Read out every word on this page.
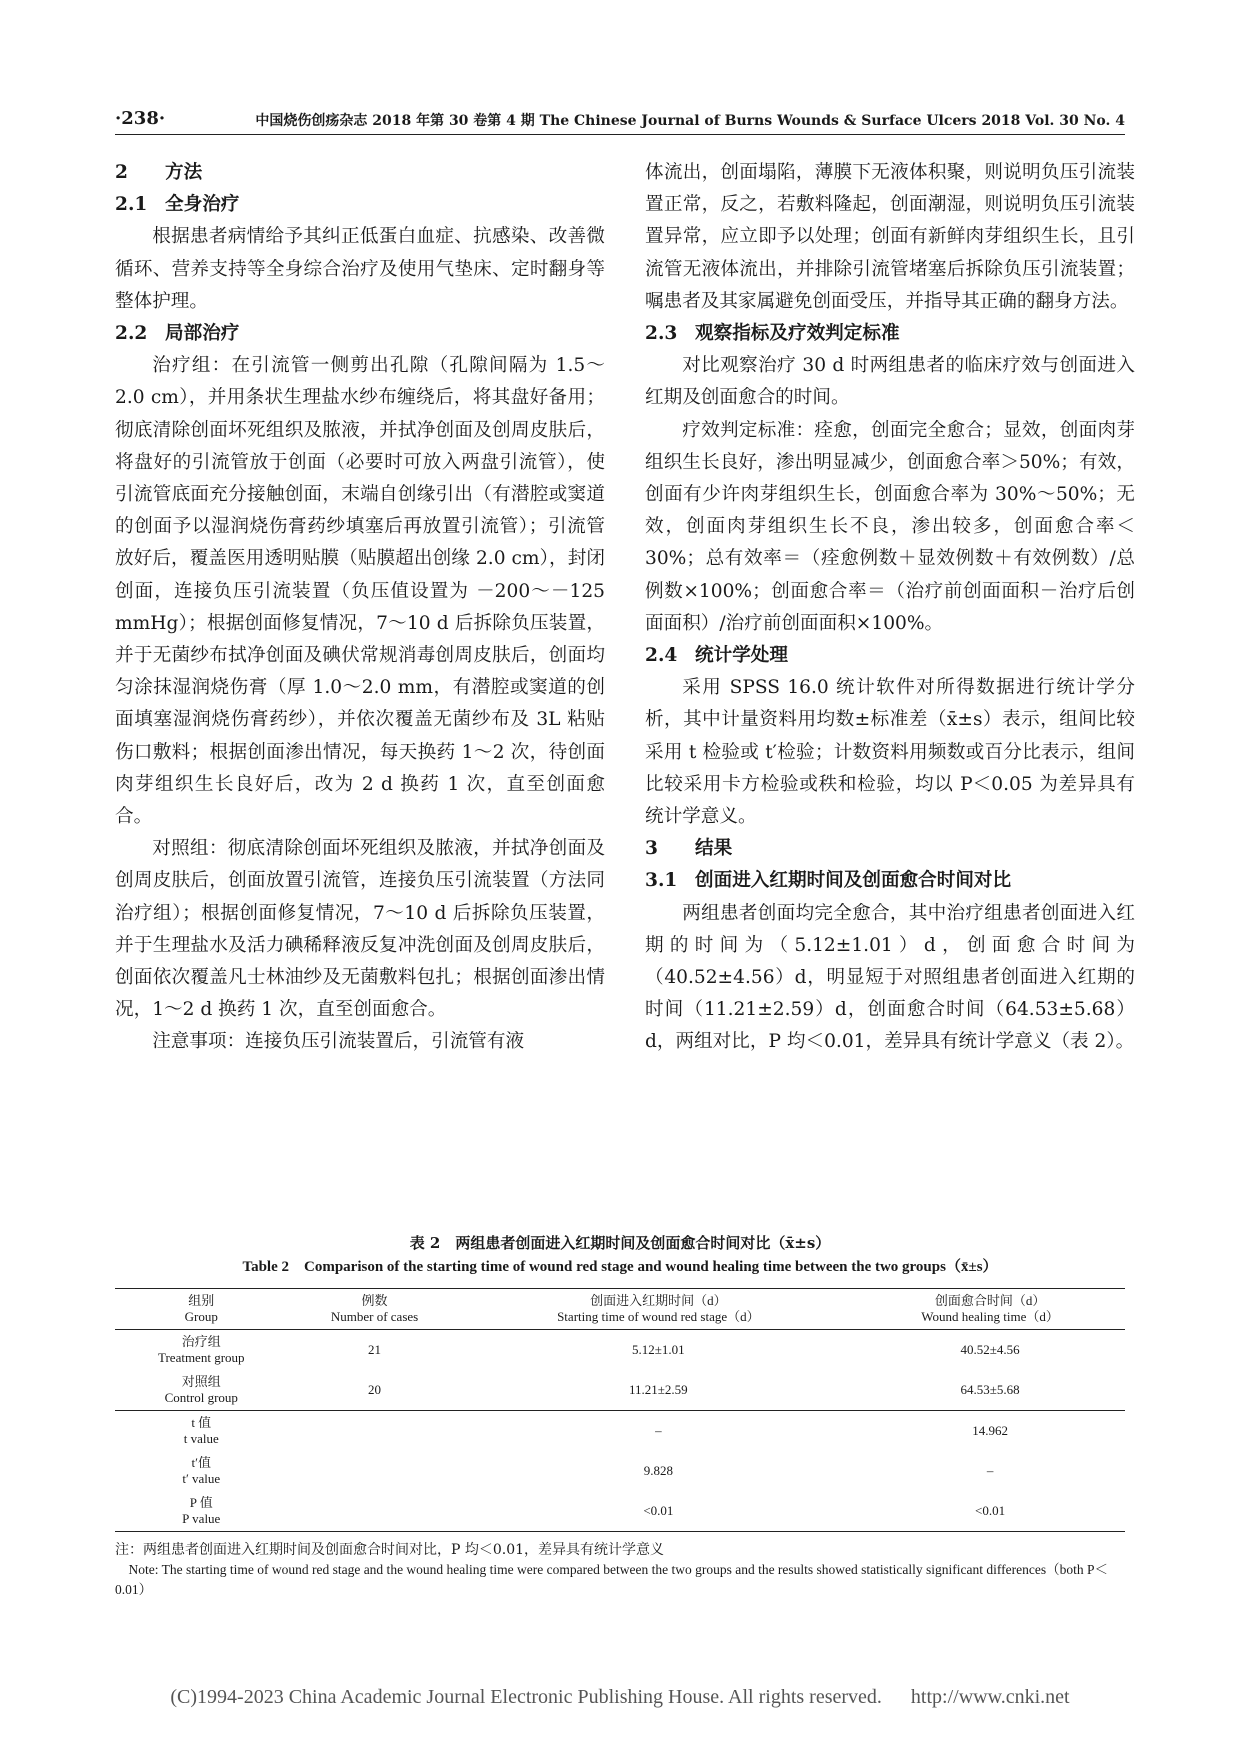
·238·	中国烧伤创疡杂志 2018 年第 30 卷第 4 期 The Chinese Journal of Burns Wounds & Surface Ulcers 2018 Vol. 30 No. 4

2 方法

2.1 全身治疗

根据患者病情给予其纠正低蛋白血症、抗感染、改善微循环、营养支持等全身综合治疗及使用气垫床、定时翻身等整体护理。

2.2 局部治疗

治疗组：在引流管一侧剪出孔隙（孔隙间隔为 1.5～2.0 cm），并用条状生理盐水纱布缠绕后，将其盘好备用；彻底清除创面坏死组织及脓液，并拭净创面及创周皮肤后，将盘好的引流管放于创面（必要时可放入两盘引流管），使引流管底面充分接触创面，末端自创缘引出（有潜腔或窦道的创面予以湿润烧伤膏药纱填塞后再放置引流管）；引流管放好后，覆盖医用透明贴膜（贴膜超出创缘 2.0 cm），封闭创面，连接负压引流装置（负压值设置为 －200～－125 mmHg）；根据创面修复情况，7～10 d 后拆除负压装置，并于无菌纱布拭净创面及碘伏常规消毒创周皮肤后，创面均匀涂抹湿润烧伤膏（厚 1.0～2.0 mm，有潜腔或窦道的创面填塞湿润烧伤膏药纱），并依次覆盖无菌纱布及 3L 粘贴伤口敷料；根据创面渗出情况，每天换药 1～2 次，待创面肉芽组织生长良好后，改为 2 d 换药 1 次，直至创面愈合。

对照组：彻底清除创面坏死组织及脓液，并拭净创面及创周皮肤后，创面放置引流管，连接负压引流装置（方法同治疗组）；根据创面修复情况，7～10 d 后拆除负压装置，并于生理盐水及活力碘稀释液反复冲洗创面及创周皮肤后，创面依次覆盖凡士林油纱及无菌敷料包扎；根据创面渗出情况，1～2 d 换药 1 次，直至创面愈合。

注意事项：连接负压引流装置后，引流管有液

体流出，创面塌陷，薄膜下无液体积聚，则说明负压引流装置正常，反之，若敷料隆起，创面潮湿，则说明负压引流装置异常，应立即予以处理；创面有新鲜肉芽组织生长，且引流管无液体流出，并排除引流管堵塞后拆除负压引流装置；嘱患者及其家属避免创面受压，并指导其正确的翻身方法。

2.3 观察指标及疗效判定标准

对比观察治疗 30 d 时两组患者的临床疗效与创面进入红期及创面愈合的时间。

疗效判定标准：痊愈，创面完全愈合；显效，创面肉芽组织生长良好，渗出明显减少，创面愈合率＞50%；有效，创面有少许肉芽组织生长，创面愈合率为 30%～50%；无效，创面肉芽组织生长不良，渗出较多，创面愈合率＜30%；总有效率＝（痊愈例数＋显效例数＋有效例数）/总例数×100%；创面愈合率＝（治疗前创面面积－治疗后创面面积）/治疗前创面面积×100%。

2.4 统计学处理

采用 SPSS 16.0 统计软件对所得数据进行统计学分析，其中计量资料用均数±标准差（x̄±s）表示，组间比较采用 t 检验或 t′检验；计数资料用频数或百分比表示，组间比较采用卡方检验或秩和检验，均以 P＜0.05 为差异具有统计学意义。

3 结果

3.1 创面进入红期时间及创面愈合时间对比

两组患者创面均完全愈合，其中治疗组患者创面进入红期的时间为（5.12±1.01）d，创面愈合时间为（40.52±4.56）d，明显短于对照组患者创面进入红期的时间（11.21±2.59）d，创面愈合时间（64.53±5.68）d，两组对比，P 均＜0.01，差异具有统计学意义（表 2）。

表 2　两组患者创面进入红期时间及创面愈合时间对比（x̄±s）
Table 2　Comparison of the starting time of wound red stage and wound healing time between the two groups（x̄±s）
组别
Group	例数
Number of cases	创面进入红期时间（d）
Starting time of wound red stage（d）	创面愈合时间（d）
Wound healing time（d）

治疗组
Treatment group	21	5.12±1.01	40.52±4.56

对照组
Control group	20	11.21±2.59	64.53±5.68

t 值
t value		–	14.962

t′值
t′ value		9.828	–

P 值
P value		<0.01	<0.01
注：两组患者创面进入红期时间及创面愈合时间对比，P 均＜0.01，差异具有统计学意义
Note: The starting time of wound red stage and the wound healing time were compared between the two groups and the results showed statistically significant differences（both P＜0.01）
(C)1994-2023 China Academic Journal Electronic Publishing House. All rights reserved. http://www.cnki.net
